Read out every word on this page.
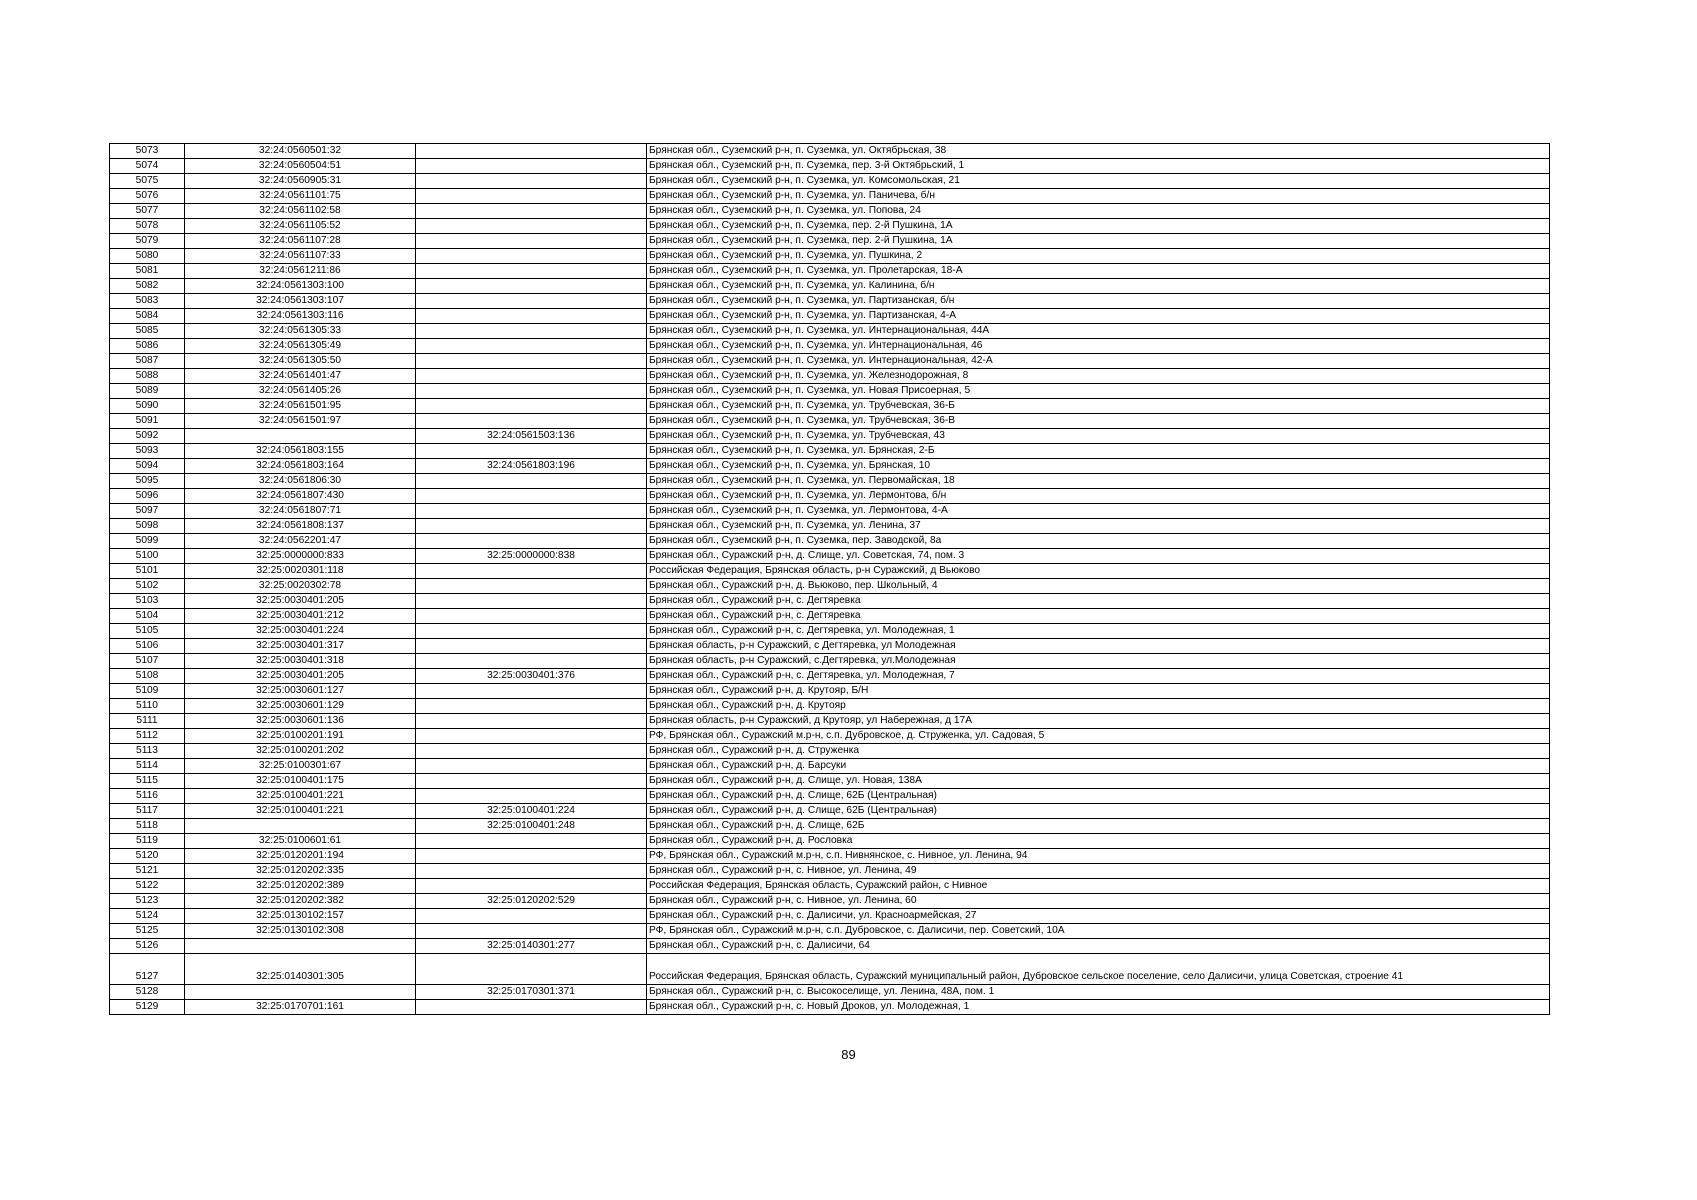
5073	32:24:0560501:32		Брянская обл., Суземский р-н, п. Суземка, ул. Октябрьская, 38
5074	32:24:0560504:51		Брянская обл., Суземский р-н, п. Суземка, пер. 3-й Октябрьский, 1
5075	32:24:0560905:31		Брянская обл., Суземский р-н, п. Суземка, ул. Комсомольская, 21
5076	32:24:0561101:75		Брянская обл., Суземский р-н, п. Суземка, ул. Паничева, б/н
5077	32:24:0561102:58		Брянская обл., Суземский р-н, п. Суземка, ул. Попова, 24
5078	32:24:0561105:52		Брянская обл., Суземский р-н, п. Суземка, пер. 2-й Пушкина, 1А
5079	32:24:0561107:28		Брянская обл., Суземский р-н, п. Суземка, пер. 2-й Пушкина, 1А
5080	32:24:0561107:33		Брянская обл., Суземский р-н, п. Суземка, ул. Пушкина, 2
5081	32:24:0561211:86		Брянская обл., Суземский р-н, п. Суземка, ул. Пролетарская, 18-А
5082	32:24:0561303:100		Брянская обл., Суземский р-н, п. Суземка, ул. Калинина, б/н
5083	32:24:0561303:107		Брянская обл., Суземский р-н, п. Суземка, ул. Партизанская, б/н
5084	32:24:0561303:116		Брянская обл., Суземский р-н, п. Суземка, ул. Партизанская, 4-А
5085	32:24:0561305:33		Брянская обл., Суземский р-н, п. Суземка, ул. Интернациональная, 44А
5086	32:24:0561305:49		Брянская обл., Суземский р-н, п. Суземка, ул. Интернациональная, 46
5087	32:24:0561305:50		Брянская обл., Суземский р-н, п. Суземка, ул. Интернациональная, 42-А
5088	32:24:0561401:47		Брянская обл., Суземский р-н, п. Суземка, ул. Железнодорожная, 8
5089	32:24:0561405:26		Брянская обл., Суземский р-н, п. Суземка, ул. Новая Присоерная, 5
5090	32:24:0561501:95		Брянская обл., Суземский р-н, п. Суземка, ул. Трубчевская, 36-Б
5091	32:24:0561501:97		Брянская обл., Суземский р-н, п. Суземка, ул. Трубчевская, 36-В
5092		32:24:0561503:136	Брянская обл., Суземский р-н, п. Суземка, ул. Трубчевская, 43
5093	32:24:0561803:155		Брянская обл., Суземский р-н, п. Суземка, ул. Брянская, 2-Б
5094	32:24:0561803:164	32:24:0561803:196	Брянская обл., Суземский р-н, п. Суземка, ул. Брянская, 10
5095	32:24:0561806:30		Брянская обл., Суземский р-н, п. Суземка, ул. Первомайская, 18
5096	32:24:0561807:430		Брянская обл., Суземский р-н, п. Суземка, ул. Лермонтова, б/н
5097	32:24:0561807:71		Брянская обл., Суземский р-н, п. Суземка, ул. Лермонтова, 4-А
5098	32:24:0561808:137		Брянская обл., Суземский р-н, п. Суземка, ул. Ленина, 37
5099	32:24:0562201:47		Брянская обл., Суземский р-н, п. Суземка, пер. Заводской, 8а
5100	32:25:0000000:833	32:25:0000000:838	Брянская обл., Суражский р-н, д. Слище, ул. Советская, 74, пом. 3
5101	32:25:0020301:118		Российская Федерация, Брянская область, р-н Суражский, д Вьюково
5102	32:25:0020302:78		Брянская обл., Суражский р-н, д. Вьюково, пер. Школьный, 4
5103	32:25:0030401:205		Брянская обл., Суражский р-н, с. Дегтяревка
5104	32:25:0030401:212		Брянская обл., Суражский р-н, с. Дегтяревка
5105	32:25:0030401:224		Брянская обл., Суражский р-н, с. Дегтяревка, ул. Молодежная, 1
5106	32:25:0030401:317		Брянская область, р-н Суражский, с Дегтяревка, ул Молодежная
5107	32:25:0030401:318		Брянская область, р-н Суражский, с.Дегтяревка, ул.Молодежная
5108	32:25:0030401:205	32:25:0030401:376	Брянская обл., Суражский р-н, с. Дегтяревка, ул. Молодежная, 7
5109	32:25:0030601:127		Брянская обл., Суражский р-н, д. Крутояр, Б/Н
5110	32:25:0030601:129		Брянская обл., Суражский р-н, д. Крутояр
5111	32:25:0030601:136		Брянская область, р-н Суражский, д Крутояр, ул Набережная, д 17А
5112	32:25:0100201:191		РФ, Брянская обл., Суражский м.р-н, с.п. Дубровское, д. Струженка, ул. Садовая, 5
5113	32:25:0100201:202		Брянская обл., Суражский р-н, д. Струженка
5114	32:25:0100301:67		Брянская обл., Суражский р-н, д. Барсуки
5115	32:25:0100401:175		Брянская обл., Суражский р-н, д. Слище, ул. Новая, 138А
5116	32:25:0100401:221		Брянская обл., Суражский р-н, д. Слище, 62Б (Центральная)
5117	32:25:0100401:221	32:25:0100401:224	Брянская обл., Суражский р-н, д. Слище, 62Б (Центральная)
5118		32:25:0100401:248	Брянская обл., Суражский р-н, д. Слище, 62Б
5119	32:25:0100601:61		Брянская обл., Суражский р-н, д. Рословка
5120	32:25:0120201:194		РФ, Брянская обл., Суражский м.р-н, с.п. Нивнянское, с. Нивное, ул. Ленина, 94
5121	32:25:0120202:335		Брянская обл., Суражский р-н, с. Нивное, ул. Ленина, 49
5122	32:25:0120202:389		Российская Федерация, Брянская область, Суражский район, с Нивное
5123	32:25:0120202:382	32:25:0120202:529	Брянская обл., Суражский р-н, с. Нивное, ул. Ленина, 60
5124	32:25:0130102:157		Брянская обл., Суражский р-н, с. Далисичи, ул. Красноармейская, 27
5125	32:25:0130102:308		РФ, Брянская обл., Суражский м.р-н, с.п. Дубровское, с. Далисичи, пер. Советский, 10А
5126		32:25:0140301:277	Брянская обл., Суражский р-н, с. Далисичи, 64
5127	32:25:0140301:305		Российская Федерация, Брянская область, Суражский муниципальный район, Дубровское сельское поселение, село Далисичи, улица Советская, строение 41
5128		32:25:0170301:371	Брянская обл., Суражский р-н, с. Высокоселище, ул. Ленина, 48А, пом. 1
5129	32:25:0170701:161		Брянская обл., Суражский р-н, с. Новый Дроков, ул. Молодежная, 1
89
